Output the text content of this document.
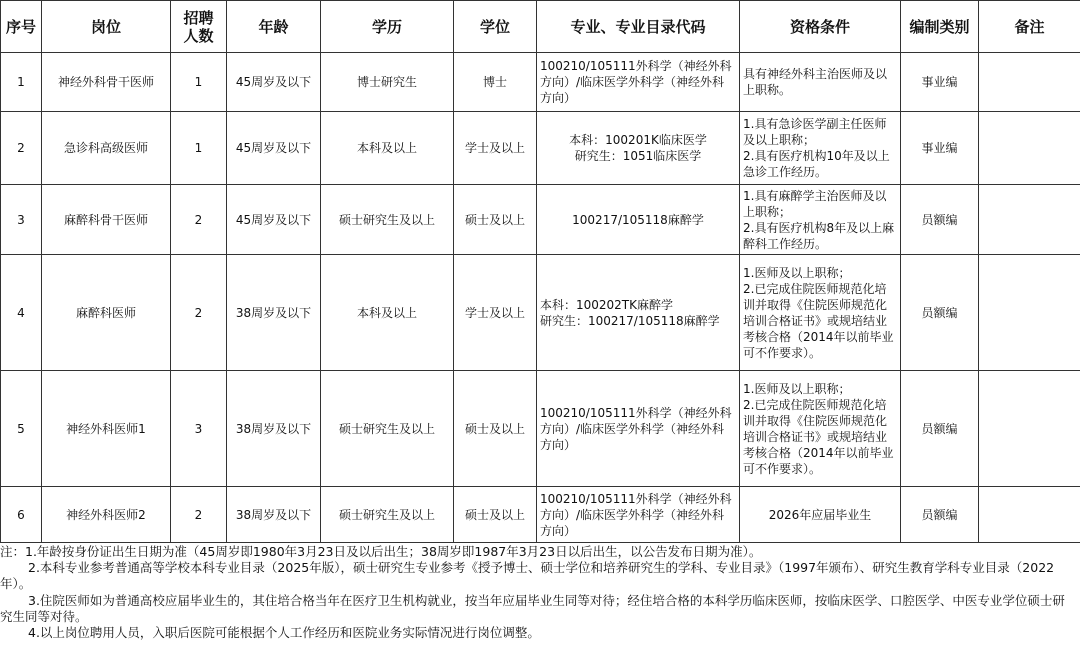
序号	岗位	招聘人数	年龄	学历	学位	专业、专业目录代码	资格条件	编制类别	备注
1	神经外科骨干医师	1	45周岁及以下	博士研究生	博士	100210/105111外科学（神经外科方向）/临床医学外科学（神经外科方向）	具有神经外科主治医师及以上职称。	事业编	
2	急诊科高级医师	1	45周岁及以下	本科及以上	学士及以上	本科：100201K临床医学
研究生：1051临床医学	1.具有急诊医学副主任医师及以上职称；
2.具有医疗机构10年及以上急诊工作经历。	事业编	
3	麻醉科骨干医师	2	45周岁及以下	硕士研究生及以上	硕士及以上	100217/105118麻醉学	1.具有麻醉学主治医师及以上职称；
2.具有医疗机构8年及以上麻醉科工作经历。	员额编	
4	麻醉科医师	2	38周岁及以下	本科及以上	学士及以上	本科：100202TK麻醉学
研究生：100217/105118麻醉学	1.医师及以上职称；
2.已完成住院医师规范化培训并取得《住院医师规范化培训合格证书》或规培结业考核合格（2014年以前毕业可不作要求）。	员额编	
5	神经外科医师1	3	38周岁及以下	硕士研究生及以上	硕士及以上	100210/105111外科学（神经外科方向）/临床医学外科学（神经外科方向）	1.医师及以上职称；
2.已完成住院医师规范化培训并取得《住院医师规范化培训合格证书》或规培结业考核合格（2014年以前毕业可不作要求）。	员额编	
6	神经外科医师2	2	38周岁及以下	硕士研究生及以上	硕士及以上	100210/105111外科学（神经外科方向）/临床医学外科学（神经外科方向）	2026年应届毕业生	员额编	

注：1.年龄按身份证出生日期为准（45周岁即1980年3月23日及以后出生；38周岁即1987年3月23日以后出生，以公告发布日期为准）。

2.本科专业参考普通高等学校本科专业目录（2025年版），硕士研究生专业参考《授予博士、硕士学位和培养研究生的学科、专业目录》（1997年颁布）、研究生教育学科专业目录（2022年）。

3.住院医师如为普通高校应届毕业生的，其住培合格当年在医疗卫生机构就业，按当年应届毕业生同等对待；经住培合格的本科学历临床医师，按临床医学、口腔医学、中医专业学位硕士研究生同等对待。

4.以上岗位聘用人员，入职后医院可能根据个人工作经历和医院业务实际情况进行岗位调整。
